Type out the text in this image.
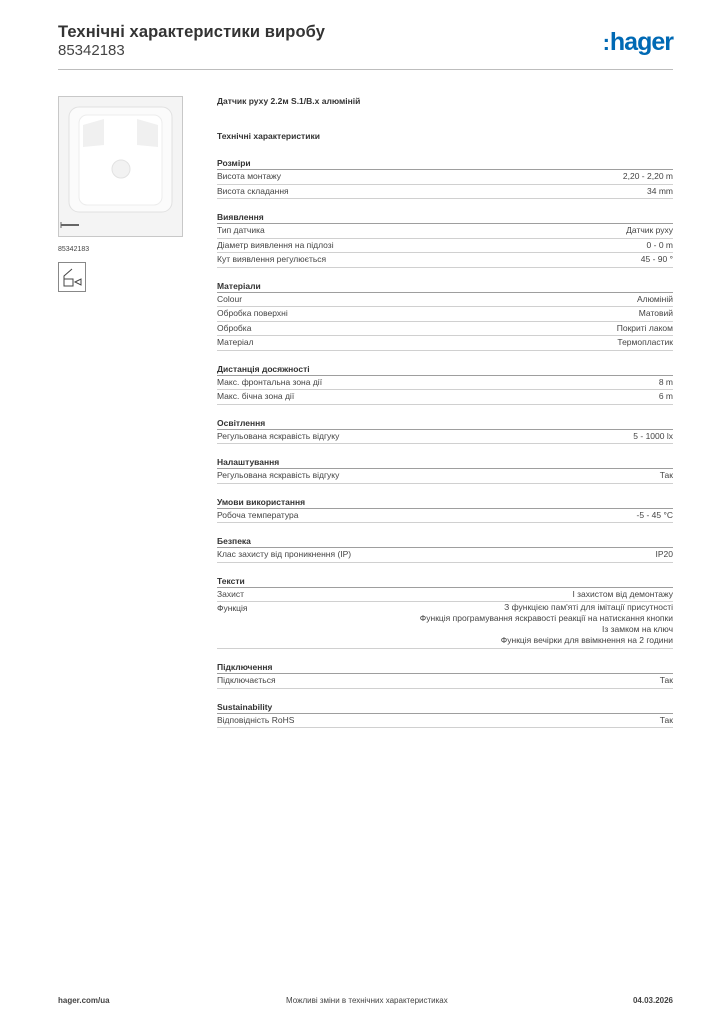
Технічні характеристики виробу
85342183	:hager
85342183
Датчик руху 2.2м S.1/B.x алюміній
Технічні характеристики
Розміри
Висота монтажу	2,20 - 2,20 m
Висота складання	34 mm
Виявлення
Тип датчика	Датчик руху
Діаметр виявлення на підлозі	0 - 0 m
Кут виявлення регулюється	45 - 90 °
Матеріали
Colour	Алюміній
Обробка поверхні	Матовий
Обробка	Покриті лаком
Матеріал	Термопластик
Дистанція досяжності
Макс. фронтальна зона дії	8 m
Макс. бічна зона дії	6 m
Освітлення
Регульована яскравість відгуку	5 - 1000 lx
Налаштування
Регульована яскравість відгуку	Так
Умови використання
Робоча температура	-5 - 45 °C
Безпека
Клас захисту від проникнення (IP)	IP20
Тексти
Захист	І захистом від демонтажу
Функція	З функцією пам'яті для імітації присутності
Функція програмування яскравості реакції на натискання кнопки
Із замком на ключ
Функція вечірки для ввімкнення на 2 години
Підключення
Підключається	Так
Sustainability
Відповідність RoHS	Так
hager.com/ua	Можливі зміни в технічних характеристиках	04.03.2026
